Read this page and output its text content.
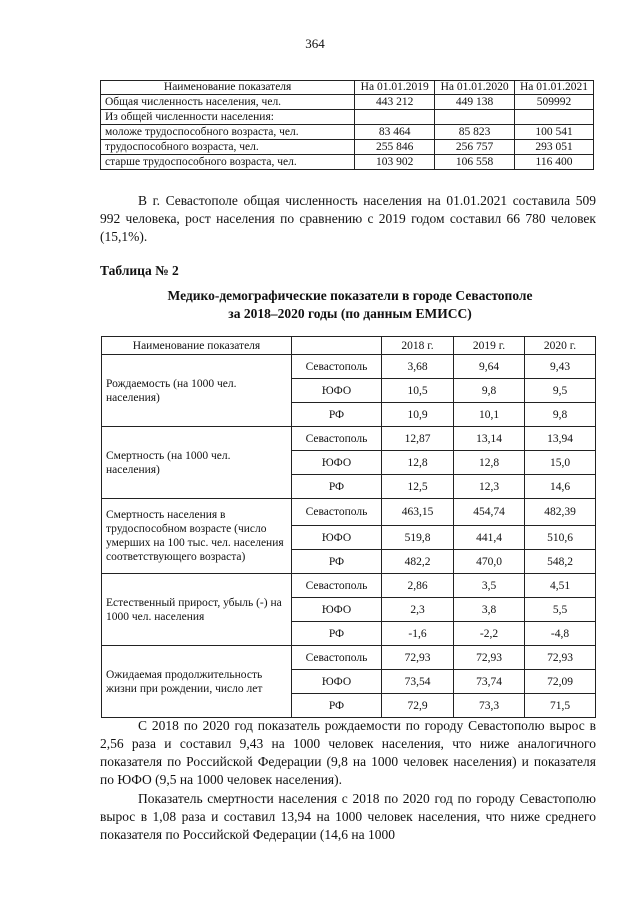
364
Наименование показателя	На 01.01.2019	На 01.01.2020	На 01.01.2021
Общая численность населения, чел.	443 212	449 138	509992
Из общей численности населения:			
моложе трудоспособного возраста, чел.	83 464	85 823	100 541
трудоспособного возраста, чел.	255 846	256 757	293 051
старше трудоспособного возраста, чел.	103 902	106 558	116 400
В г. Севастополе общая численность населения на 01.01.2021 составила 509 992 человека, рост населения по сравнению с 2019 годом составил 66 780 человек (15,1%).
Таблица № 2
Медико-демографические показатели в городе Севастополе
за 2018–2020 годы (по данным ЕМИСС)
Наименование показателя		2018 г.	2019 г.	2020 г.
Рождаемость (на 1000 чел. населения)	Севастополь	3,68	9,64	9,43
	ЮФО	10,5	9,8	9,5
	РФ	10,9	10,1	9,8
Смертность (на 1000 чел. населения)	Севастополь	12,87	13,14	13,94
	ЮФО	12,8	12,8	15,0
	РФ	12,5	12,3	14,6
Смертность населения в трудоспособном возрасте (число умерших на 100 тыс. чел. населения соответствующего возраста)	Севастополь	463,15	454,74	482,39
	ЮФО	519,8	441,4	510,6
	РФ	482,2	470,0	548,2
Естественный прирост, убыль (-) на 1000 чел. населения	Севастополь	2,86	3,5	4,51
	ЮФО	2,3	3,8	5,5
	РФ	-1,6	-2,2	-4,8
Ожидаемая продолжительность жизни при рождении, число лет	Севастополь	72,93	72,93	72,93
	ЮФО	73,54	73,74	72,09
	РФ	72,9	73,3	71,5
С 2018 по 2020 год показатель рождаемости по городу Севастополю вырос в 2,56 раза и составил 9,43 на 1000 человек населения, что ниже аналогичного показателя по Российской Федерации (9,8 на 1000 человек населения) и показателя по ЮФО (9,5 на 1000 человек населения).
Показатель смертности населения с 2018 по 2020 год по городу Севастополю вырос в 1,08 раза и составил 13,94 на 1000 человек населения, что ниже среднего показателя по Российской Федерации (14,6 на 1000
